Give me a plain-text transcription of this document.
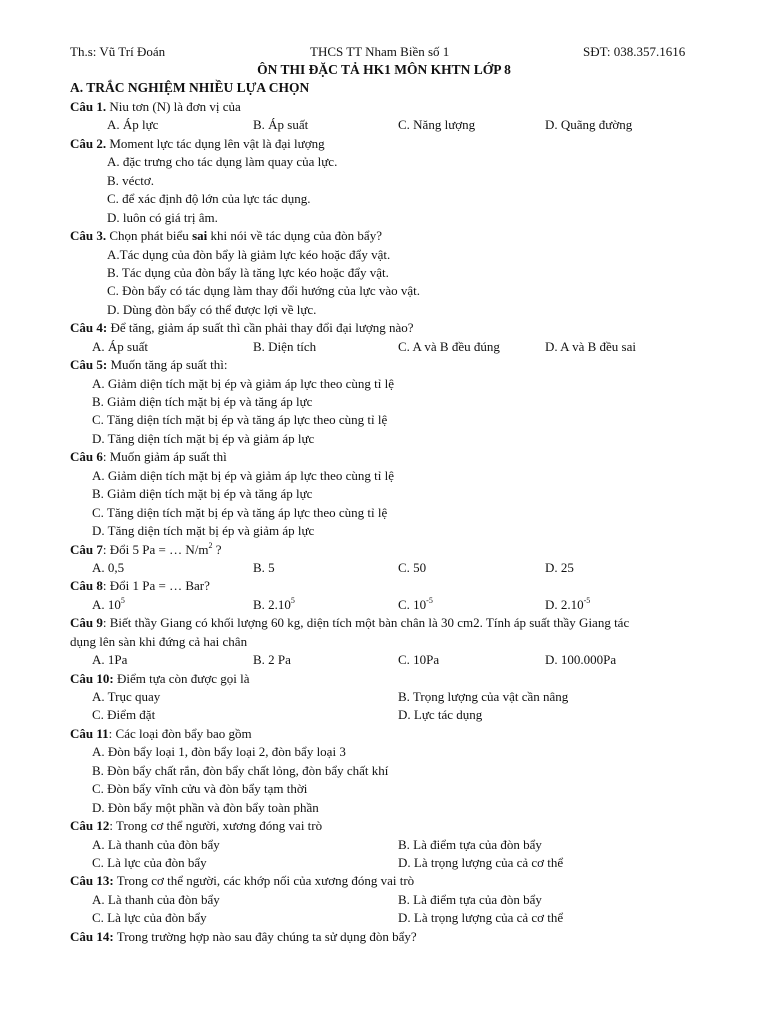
Th.s: Vũ Trí Đoán	THCS TT Nham Biền số 1	SĐT: 038.357.1616
ÔN THI ĐẶC TẢ HK1 MÔN KHTN LỚP 8
A. TRẮC NGHIỆM NHIỀU LỰA CHỌN
Câu 1. Niu tơn (N) là đơn vị của
A. Áp lực	B. Áp suất	C. Năng lượng	D. Quãng đường
Câu 2. Moment lực tác dụng lên vật là đại lượng
A. đặc trưng cho tác dụng làm quay của lực.
B. véctơ.
C. để xác định độ lớn của lực tác dụng.
D. luôn có giá trị âm.
Câu 3. Chọn phát biểu sai khi nói về tác dụng của đòn bẩy?
A.Tác dụng của đòn bẩy là giảm lực kéo hoặc đẩy vật.
B. Tác dụng của đòn bẩy là tăng lực kéo hoặc đẩy vật.
C. Đòn bẩy có tác dụng làm thay đổi hướng của lực vào vật.
D. Dùng đòn bẩy có thể được lợi về lực.
Câu 4: Để tăng, giảm áp suất thì cần phải thay đổi đại lượng nào?
A. Áp suất	B. Diện tích	C. A và B đều đúng	D. A và B đều sai
Câu 5: Muốn tăng áp suất thì:
A. Giảm diện tích mặt bị ép và giảm áp lực theo cùng tỉ lệ
B. Giảm diện tích mặt bị ép và tăng áp lực
C. Tăng diện tích mặt bị ép và tăng áp lực theo cùng tỉ lệ
D. Tăng diện tích mặt bị ép và giảm áp lực
Câu 6: Muốn giảm áp suất thì
A. Giảm diện tích mặt bị ép và giảm áp lực theo cùng tỉ lệ
B. Giảm diện tích mặt bị ép và tăng áp lực
C. Tăng diện tích mặt bị ép và tăng áp lực theo cùng tỉ lệ
D. Tăng diện tích mặt bị ép và giảm áp lực
Câu 7: Đổi 5 Pa = … $N/m^2$ ?
A. 0,5	B. 5	C. 50	D. 25
Câu 8: Đổi 1 Pa = … Bar?
A. $10^5$	B. 2.10$^5$	C. $10^{-5}$	D. $2.10^{-5}$
Câu 9: Biết thầy Giang có khối lượng 60 kg, diện tích một bàn chân là 30 cm2. Tính áp suất thầy Giang tác
dụng lên sàn khi đứng cả hai chân
A. 1Pa	B. 2 Pa	C. 10Pa	D. 100.000Pa
Câu 10: Điểm tựa còn được gọi là
A. Trục quay	B. Trọng lượng của vật cần nâng
C. Điểm đặt	D. Lực tác dụng
Câu 11: Các loại đòn bẩy bao gồm
A. Đòn bẩy loại 1, đòn bẩy loại 2, đòn bẩy loại 3
B. Đòn bẩy chất rắn, đòn bẩy chất lỏng, đòn bẩy chất khí
C. Đòn bẩy vĩnh cửu và đòn bẩy tạm thời
D. Đòn bẩy một phần và đòn bẩy toàn phần
Câu 12: Trong cơ thể người, xương đóng vai trò
A. Là thanh của đòn bẩy	B. Là điểm tựa của đòn bẩy
C. Là lực của đòn bẩy	D. Là trọng lượng của cả cơ thể
Câu 13: Trong cơ thể người, các khớp nối của xương đóng vai trò
A. Là thanh của đòn bẩy	B. Là điểm tựa của đòn bẩy
C. Là lực của đòn bẩy	D. Là trọng lượng của cả cơ thể
Câu 14: Trong trường hợp nào sau đây chúng ta sử dụng đòn bẩy?
